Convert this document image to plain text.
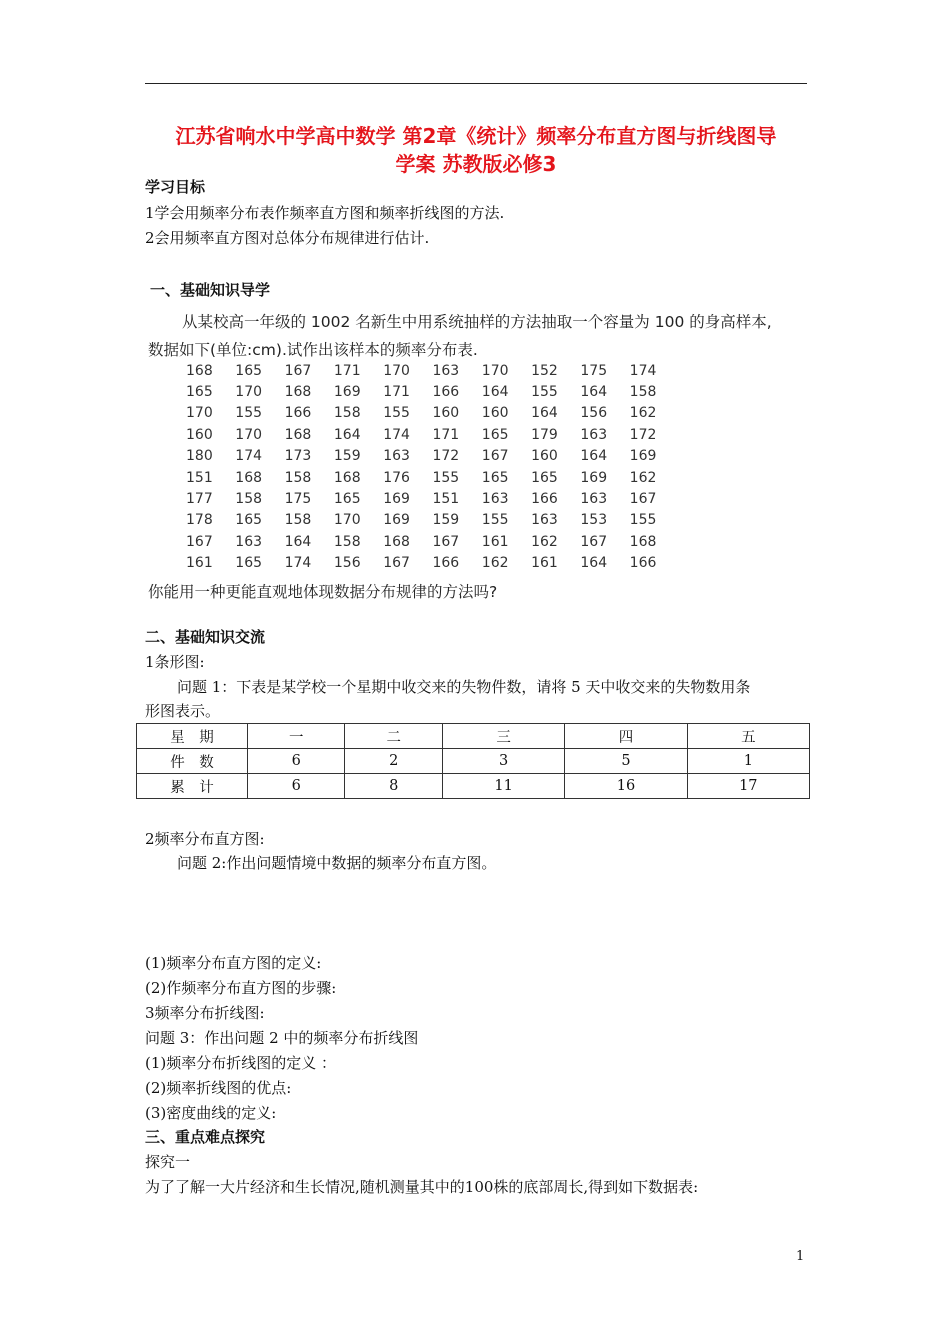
江苏省响水中学高中数学 第2章《统计》频率分布直方图与折线图导
学案 苏教版必修3
学习目标
1学会用频率分布表作频率直方图和频率折线图的方法.
2会用频率直方图对总体分布规律进行估计.
一、基础知识导学
从某校高一年级的 1002 名新生中用系统抽样的方法抽取一个容量为 100 的身高样本,
数据如下(单位:cm).试作出该样本的频率分布表.
168	165	167	171	170	163	170	152	175	174
165	170	168	169	171	166	164	155	164	158
170	155	166	158	155	160	160	164	156	162
160	170	168	164	174	171	165	179	163	172
180	174	173	159	163	172	167	160	164	169
151	168	158	168	176	155	165	165	169	162
177	158	175	165	169	151	163	166	163	167
178	165	158	170	169	159	155	163	153	155
167	163	164	158	168	167	161	162	167	168
161	165	174	156	167	166	162	161	164	166
你能用一种更能直观地体现数据分布规律的方法吗?
二、基础知识交流
1条形图:
问题 1：下表是某学校一个星期中收交来的失物件数，请将 5 天中收交来的失物数用条
形图表示。
星　期	一	二	三	四	五
件　数	6	2	3	5	1
累　计	6	8	11	16	17
2频率分布直方图:
问题 2:作出问题情境中数据的频率分布直方图。
(1)频率分布直方图的定义:
(2)作频率分布直方图的步骤:
3频率分布折线图:
问题 3：作出问题 2 中的频率分布折线图
(1)频率分布折线图的定义 ：
(2)频率折线图的优点:
(3)密度曲线的定义:
三、重点难点探究
探究一
为了了解一大片经济和生长情况,随机测量其中的100株的底部周长,得到如下数据表:
1
